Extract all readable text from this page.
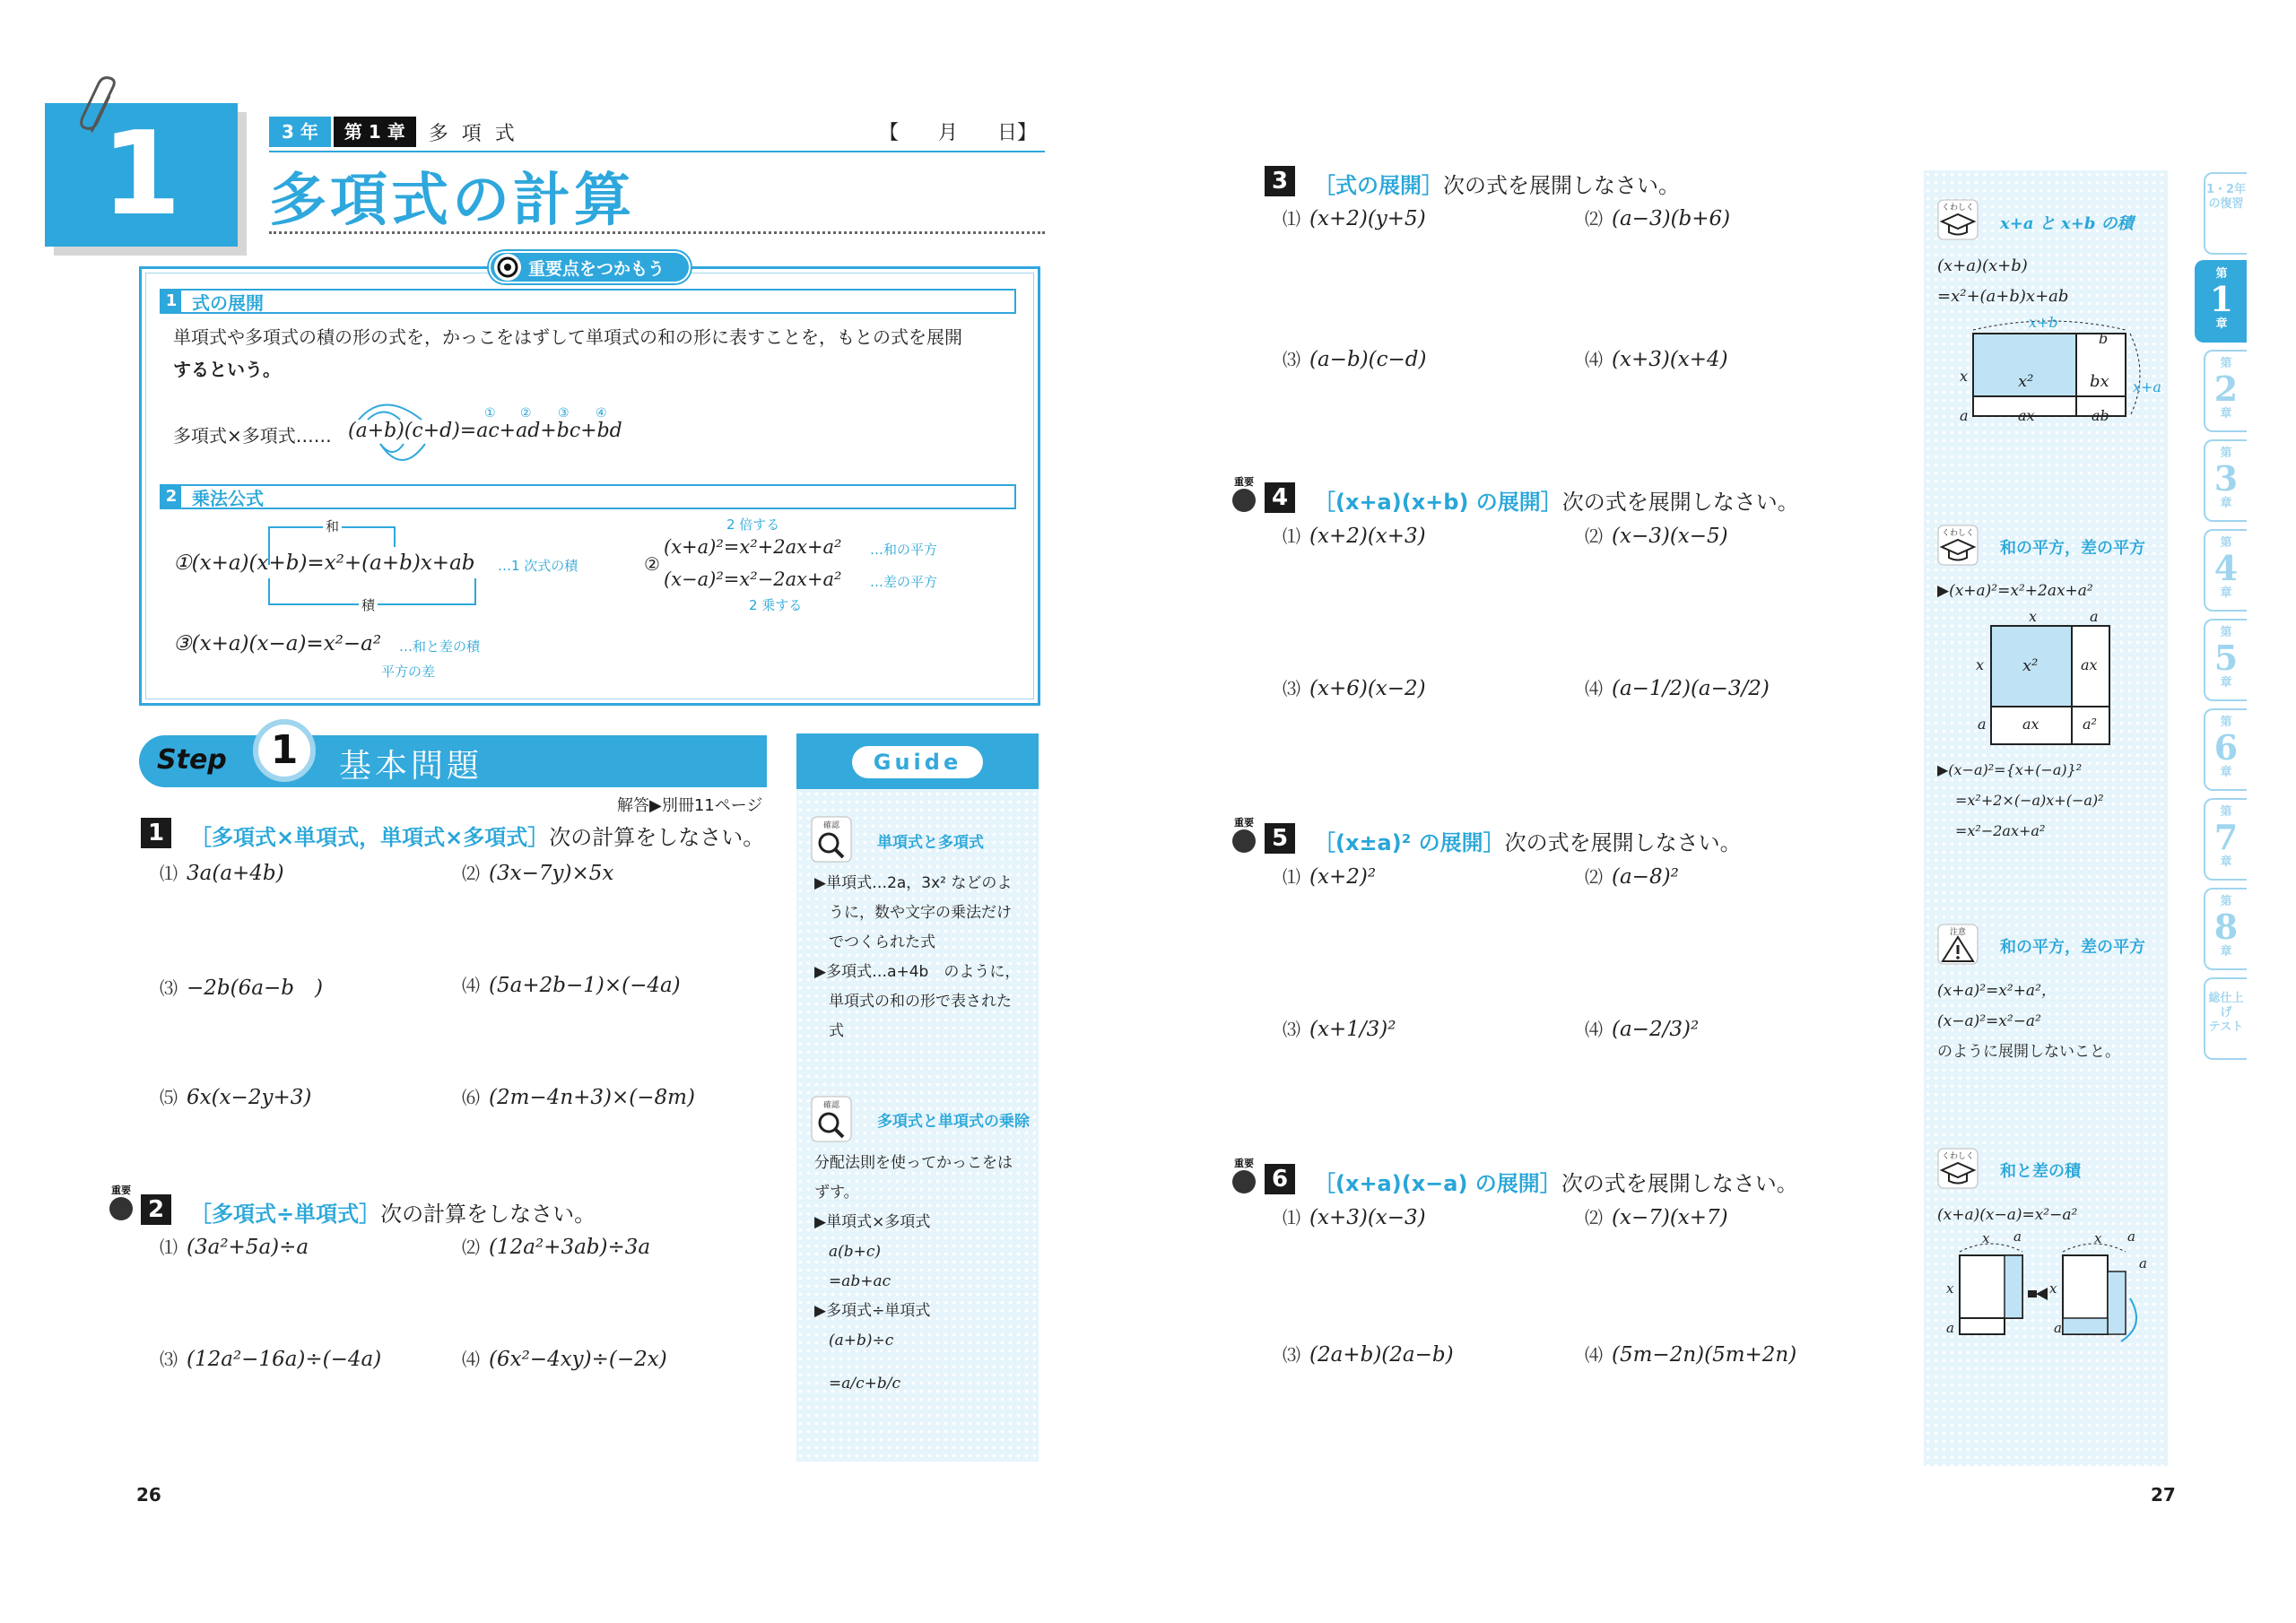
1	3 年	第 1 章	多 項 式	【　　月　　日】
多項式の計算
重要点をつかもう
1 式の展開
単項式や多項式の積の形の式を，かっこをはずして単項式の和の形に表すことを，もとの式を展開
するという。
多項式×多項式…… (a+b)(c+d)=ac+ad+bc+bd
① ② ③ ④
2 乗法公式
和
①(x+a)(x+b)=x²+(a+b)x+ab …1 次式の積
積
②
2 倍する
(x+a)²=x²+2ax+a² …和の平方
(x−a)²=x²−2ax+a² …差の平方
2 乗する
③(x+a)(x−a)=x²−a² …和と差の積
平方の差
Step	1	基本問題
解答▶別冊11ページ
1	［多項式×単項式，単項式×多項式］次の計算をしなさい。
⑴ 3a(a+4b)	⑵ (3x−7y)×5x
⑶ −2b(6a−b　)	⑷ (5a+2b−1)×(−4a)
⑸ 6x(x−2y+3)	⑹ (2m−4n+3)×(−8m)
重要
2	［多項式÷単項式］次の計算をしなさい。
⑴ (3a²+5a)÷a	⑵ (12a²+3ab)÷3a
⑶ (12a²−16a)÷(−4a)	⑷ (6x²−4xy)÷(−2x)
Guide
確認
単項式と多項式
▶単項式…2a，3x² などのよ
うに，数や文字の乗法だけ
でつくられた式
▶多項式…a+4b　のように，
単項式の和の形で表された
式
確認
多項式と単項式の乗除
分配法則を使ってかっこをは
ずす。
▶単項式×多項式
a(b+c)
=ab+ac
▶多項式÷単項式
(a+b)÷c
=a/c+b/c
26
3	［式の展開］次の式を展開しなさい。
⑴ (x+2)(y+5)	⑵ (a−3)(b+6)
⑶ (a−b)(c−d)	⑷ (x+3)(x+4)
重要
4	［(x+a)(x+b) の展開］次の式を展開しなさい。
⑴ (x+2)(x+3)	⑵ (x−3)(x−5)
⑶ (x+6)(x−2)	⑷ (a−1/2)(a−3/2)
重要
5	［(x±a)² の展開］次の式を展開しなさい。
⑴ (x+2)²	⑵ (a−8)²
⑶ (x+1/3)²	⑷ (a−2/3)²
重要
6	［(x+a)(x−a) の展開］次の式を展開しなさい。
⑴ (x+3)(x−3)	⑵ (x−7)(x+7)
⑶ (2a+b)(2a−b)	⑷ (5m−2n)(5m+2n)
くわしく
x+a と x+b の積
(x+a)(x+b)
=x²+(a+b)x+ab
x+b
b
x	x²	bx x+a
a	ax	ab
くわしく
和の平方，差の平方
▶(x+a)²=x²+2ax+a²
x	a
x x²	ax
a	ax	a²
▶(x−a)²={x+(−a)}²
=x²+2×(−a)x+(−a)²
=x²−2ax+a²
注意
和の平方，差の平方
(x+a)²=x²+a²，
(x−a)²=x²−a²
のように展開しないこと。
くわしく
和と差の積
(x+a)(x−a)=x²−a²
x a
x
a
x a
a
x
a
1・2年
の復習
第
1
章
第
2
章
第
3
章
第
4
章
第
5
章
第
6
章
第
7
章
第
8
章
総仕上げ
テスト
27
